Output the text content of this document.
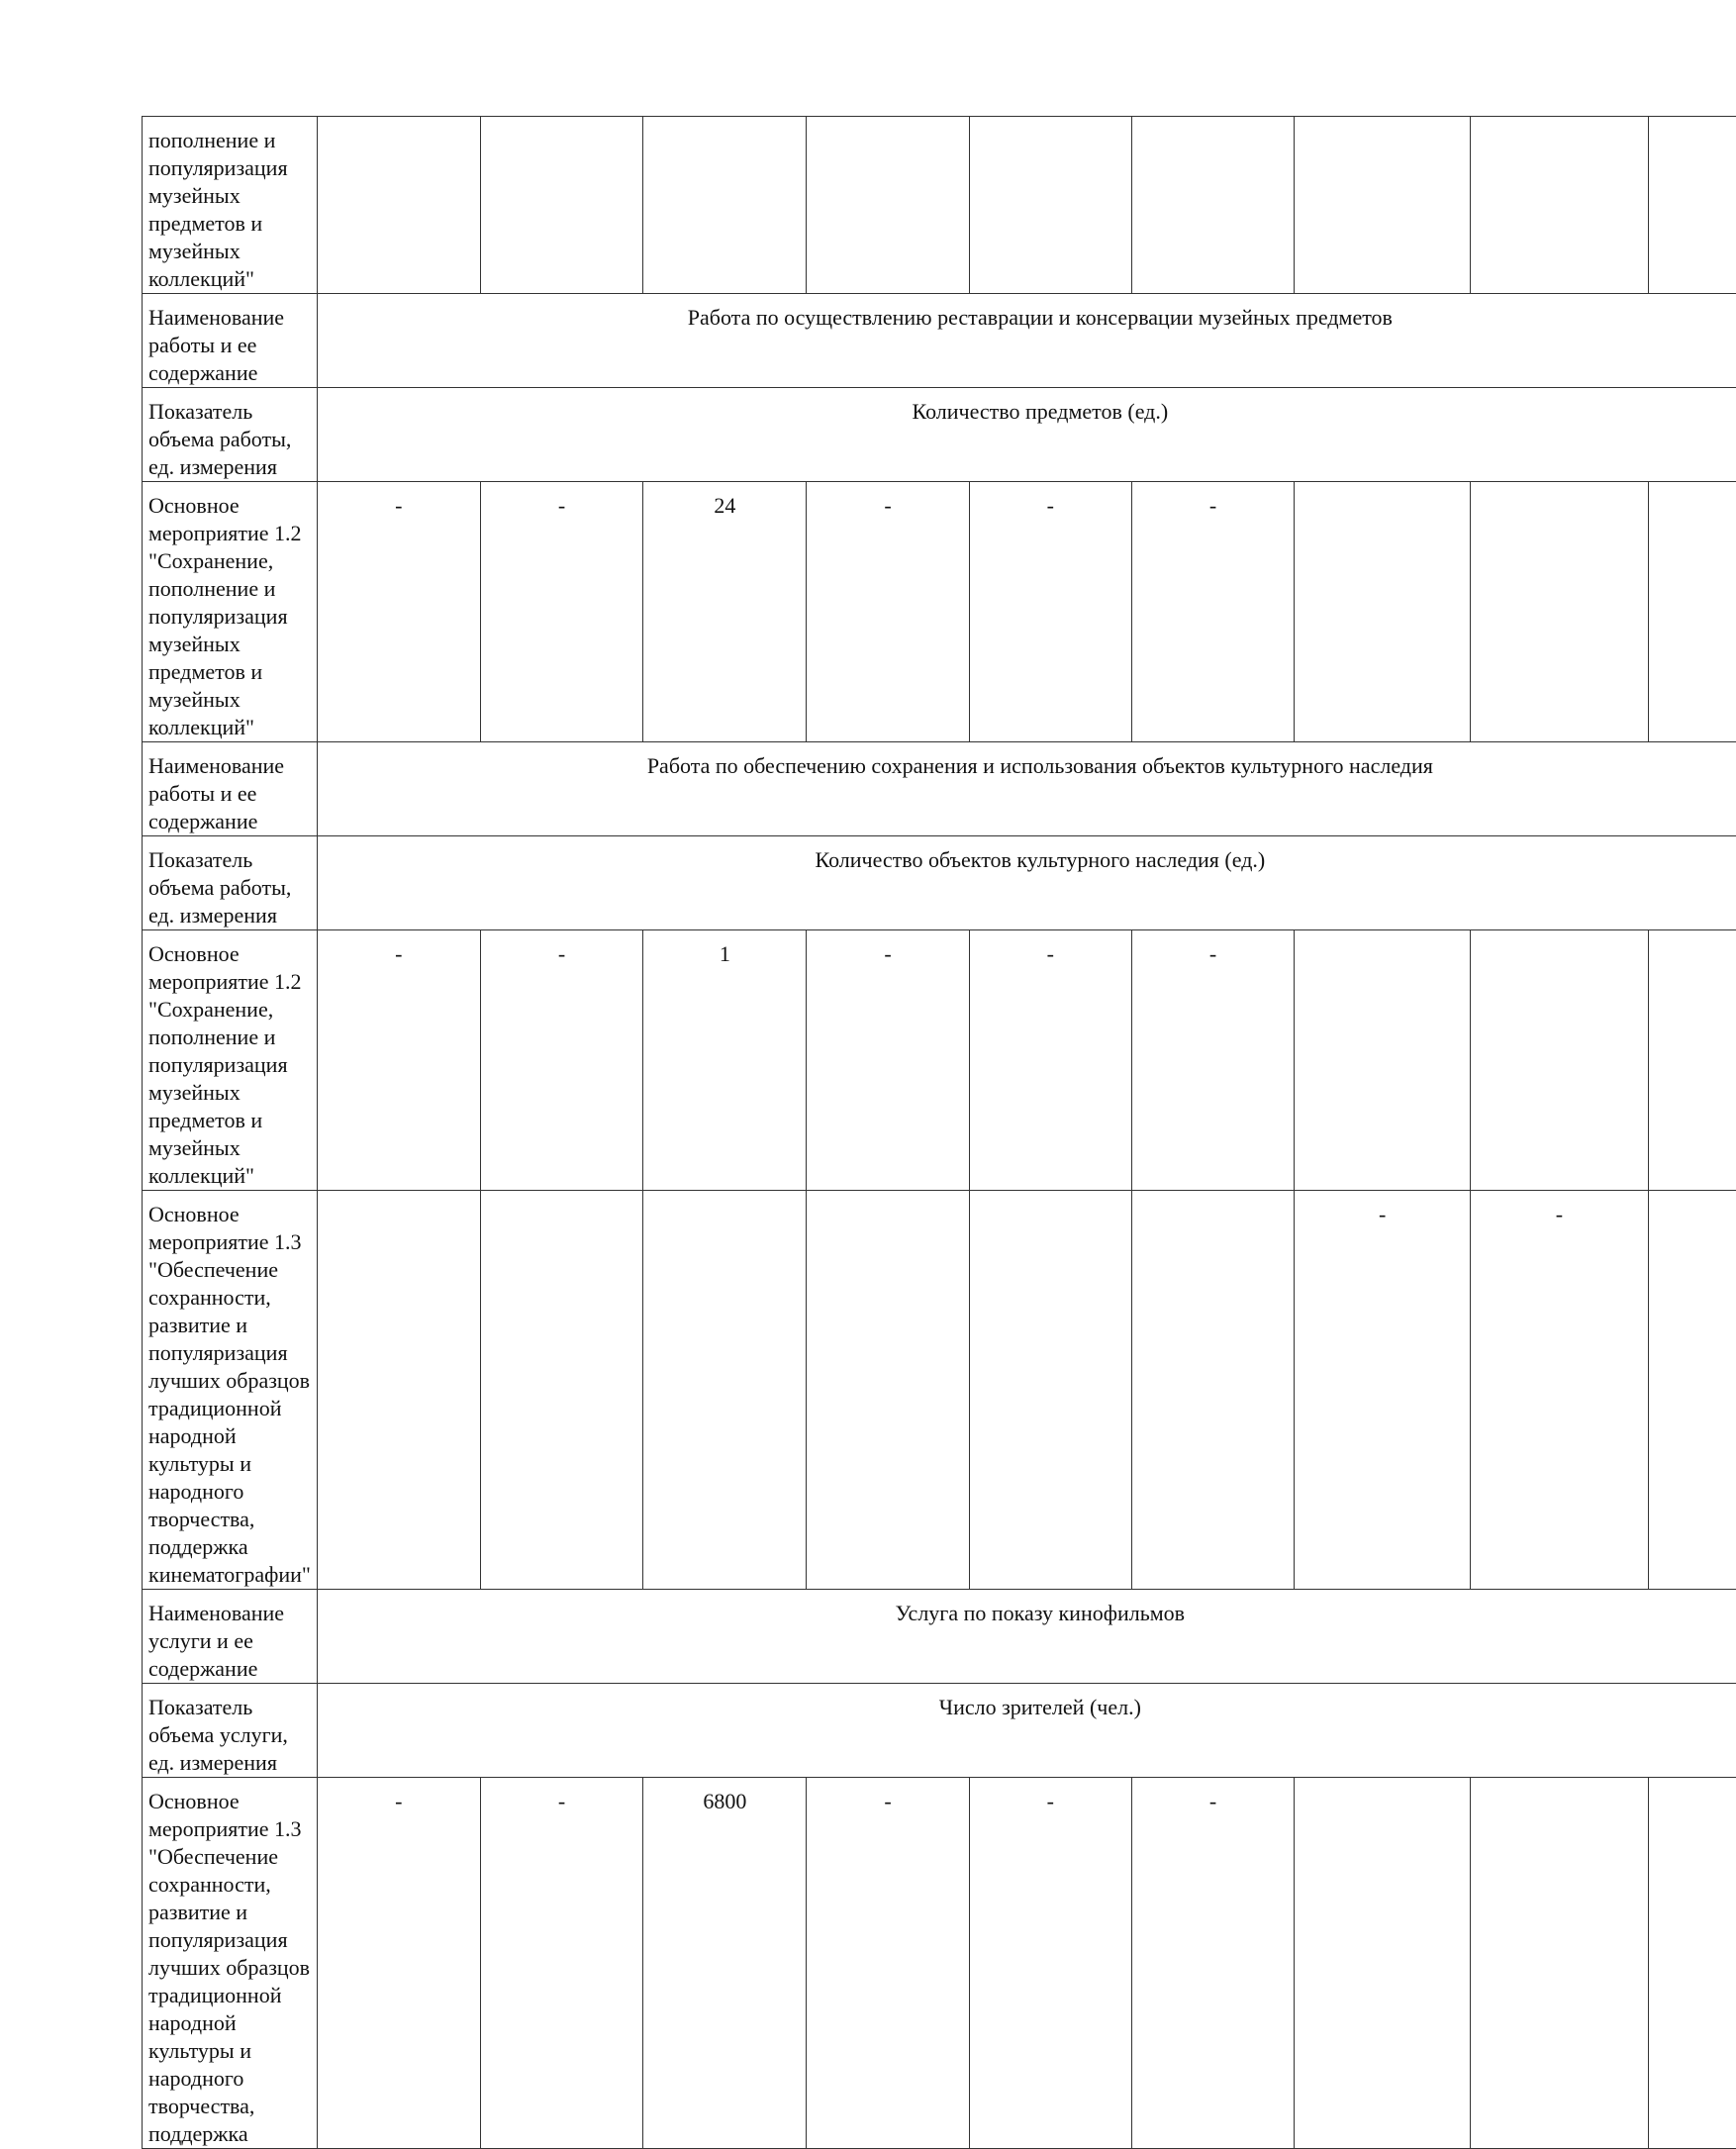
пополнение и популяризация музейных предметов и музейных коллекций"									
Наименование работы и ее содержание	Работа по осуществлению реставрации и консервации музейных предметов								

Показатель объема работы, ед. измерения	Количество предметов (ед.)								

Основное мероприятие 1.2 "Сохранение, пополнение и популяризация музейных предметов и музейных коллекций"	-	-	24	-	-	-			
Наименование работы и ее содержание	Работа по обеспечению сохранения и использования объектов культурного наследия								

Показатель объема работы, ед. измерения	Количество объектов культурного наследия (ед.)								

Основное мероприятие 1.2 "Сохранение, пополнение и популяризация музейных предметов и музейных коллекций"	-	-	1	-	-	-			
Основное мероприятие 1.3 "Обеспечение сохранности, развитие и популяризация лучших образцов традиционной народной культуры и народного творчества, поддержка кинематографии"							-	-	
Наименование услуги и ее содержание	Услуга по показу кинофильмов								

Показатель объема услуги, ед. измерения	Число зрителей (чел.)								

Основное мероприятие 1.3 "Обеспечение сохранности, развитие и популяризация лучших образцов традиционной народной культуры и народного творчества, поддержка	-	-	6800	-	-	-			
